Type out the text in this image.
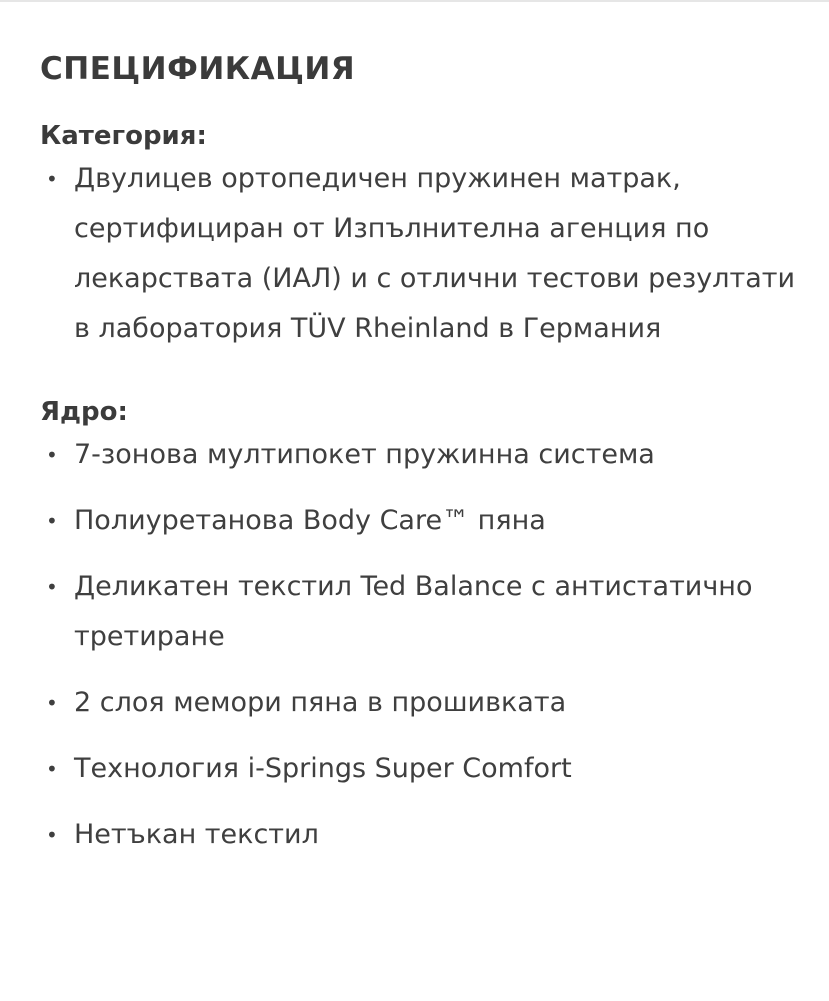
СПЕЦИФИКАЦИЯ
Категория:
• Двулицев ортопедичен пружинен матрак, сертифициран от Изпълнителна агенция по лекарствата (ИАЛ) и с отлични тестови резултати в лаборатория TÜV Rheinland в Германия
Ядро:
• 7-зонова мултипокет пружинна система
• Полиуретанова Body Care™ пяна
• Деликатен текстил Ted Balance с антистатично третиране
• 2 слоя мемори пяна в прошивката
• Технология i-Springs Super Comfort
• Нетъкан текстил
